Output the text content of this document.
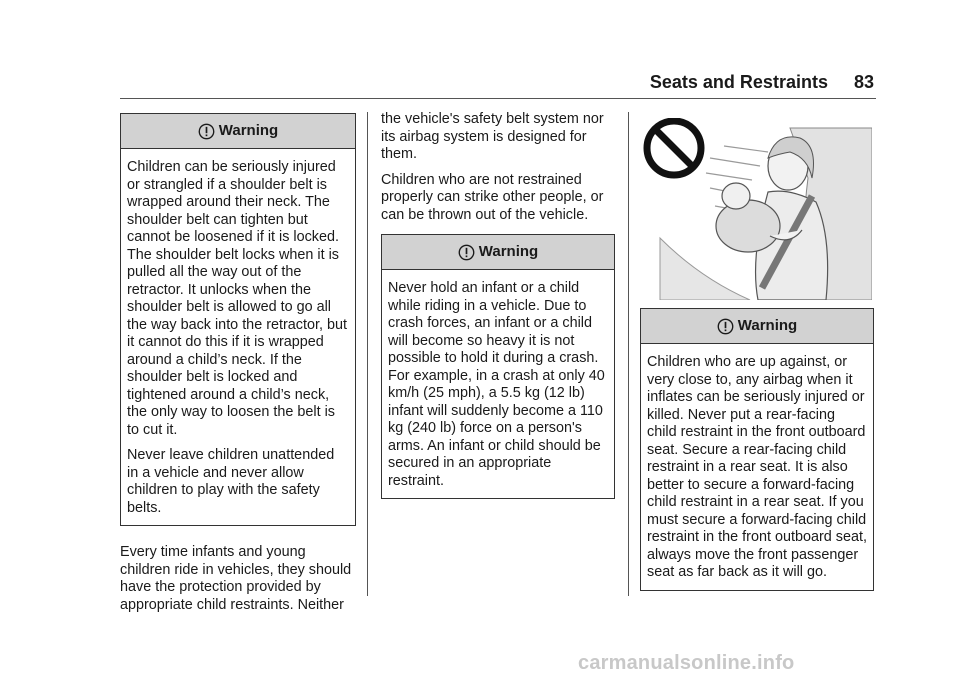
Seats and Restraints 83
Warning

Children can be seriously injured or strangled if a shoulder belt is wrapped around their neck. The shoulder belt can tighten but cannot be loosened if it is locked. The shoulder belt locks when it is pulled all the way out of the retractor. It unlocks when the shoulder belt is allowed to go all the way back into the retractor, but it cannot do this if it is wrapped around a child’s neck. If the shoulder belt is locked and tightened around a child’s neck, the only way to loosen the belt is to cut it.

Never leave children unattended in a vehicle and never allow children to play with the safety belts.

Every time infants and young children ride in vehicles, they should have the protection provided by appropriate child restraints. Neither

the vehicle's safety belt system nor its airbag system is designed for them.

Children who are not restrained properly can strike other people, or can be thrown out of the vehicle.

Warning

Never hold an infant or a child while riding in a vehicle. Due to crash forces, an infant or a child will become so heavy it is not possible to hold it during a crash. For example, in a crash at only 40 km/h (25 mph), a 5.5 kg (12 lb) infant will suddenly become a 110 kg (240 lb) force on a person's arms. An infant or child should be secured in an appropriate restraint.

Warning

Children who are up against, or very close to, any airbag when it inflates can be seriously injured or killed. Never put a rear-facing child restraint in the front outboard seat. Secure a rear-facing child restraint in a rear seat. It is also better to secure a forward-facing child restraint in a rear seat. If you must secure a forward-facing child restraint in the front outboard seat, always move the front passenger seat as far back as it will go.

carmanualsonline.info
